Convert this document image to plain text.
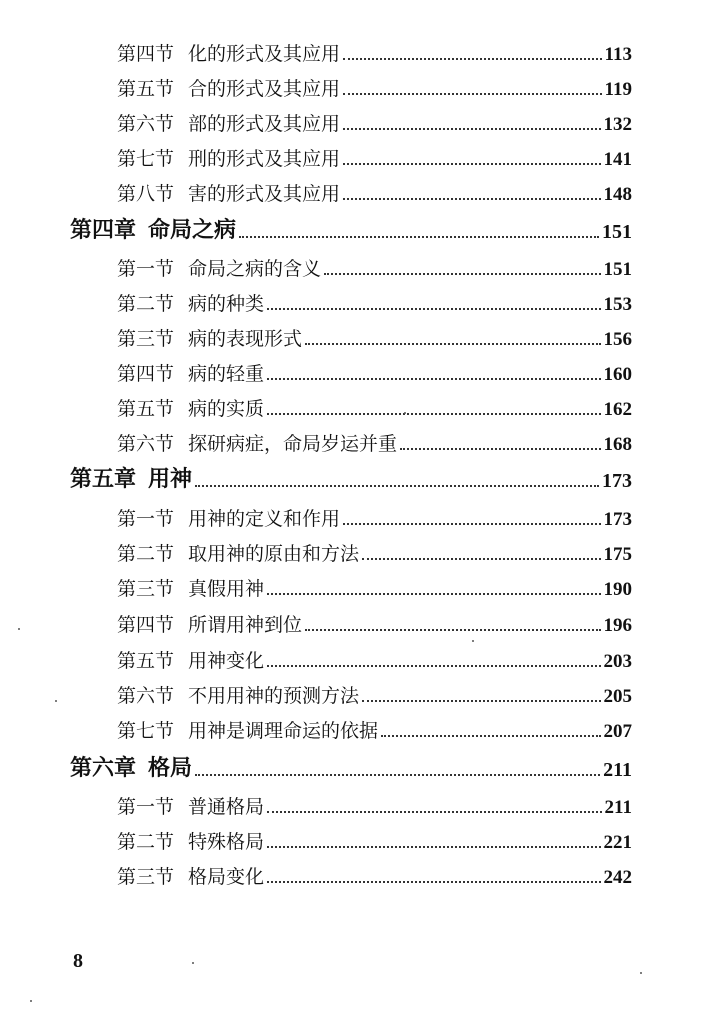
第四节 化的形式及其应用	113
第五节 合的形式及其应用	119
第六节 部的形式及其应用	132
第七节 刑的形式及其应用	141
第八节 害的形式及其应用	148
第四章 命局之病	151
第一节 命局之病的含义	151
第二节 病的种类	153
第三节 病的表现形式	156
第四节 病的轻重	160
第五节 病的实质	162
第六节 探研病症，命局岁运并重	168
第五章 用神	173
第一节 用神的定义和作用	173
第二节 取用神的原由和方法	175
第三节 真假用神	190
第四节 所谓用神到位	196
第五节 用神变化	203
第六节 不用用神的预测方法	205
第七节 用神是调理命运的依据	207
第六章 格局	211
第一节 普通格局	211
第二节 特殊格局	221
第三节 格局变化	242
8
